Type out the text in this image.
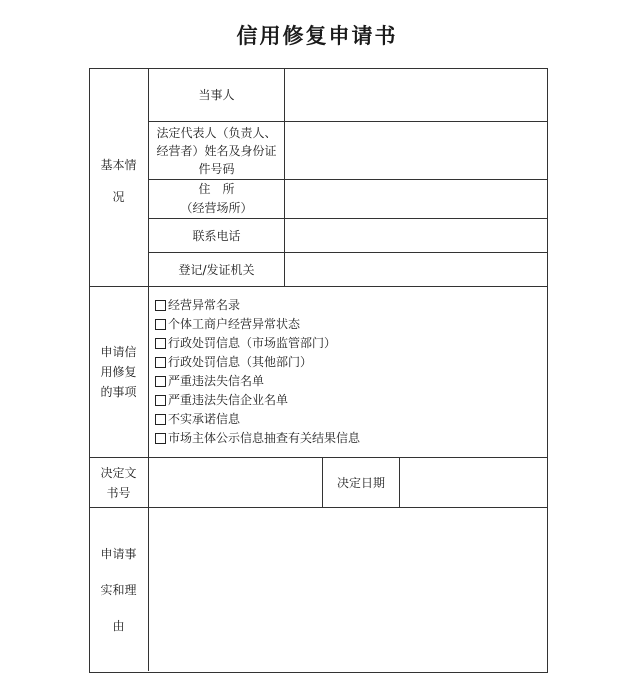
信用修复申请书
基本情
况
当事人
法定代表人（负责人、
经营者）姓名及身份证
件号码
住　所
（经营场所）
联系电话
登记/发证机关
申请信
用修复
的事项
经营异常名录
个体工商户经营异常状态
行政处罚信息（市场监管部门）
行政处罚信息（其他部门）
严重违法失信名单
严重违法失信企业名单
不实承诺信息
市场主体公示信息抽查有关结果信息
决定文
书号
决定日期
申请事
实和理
由
